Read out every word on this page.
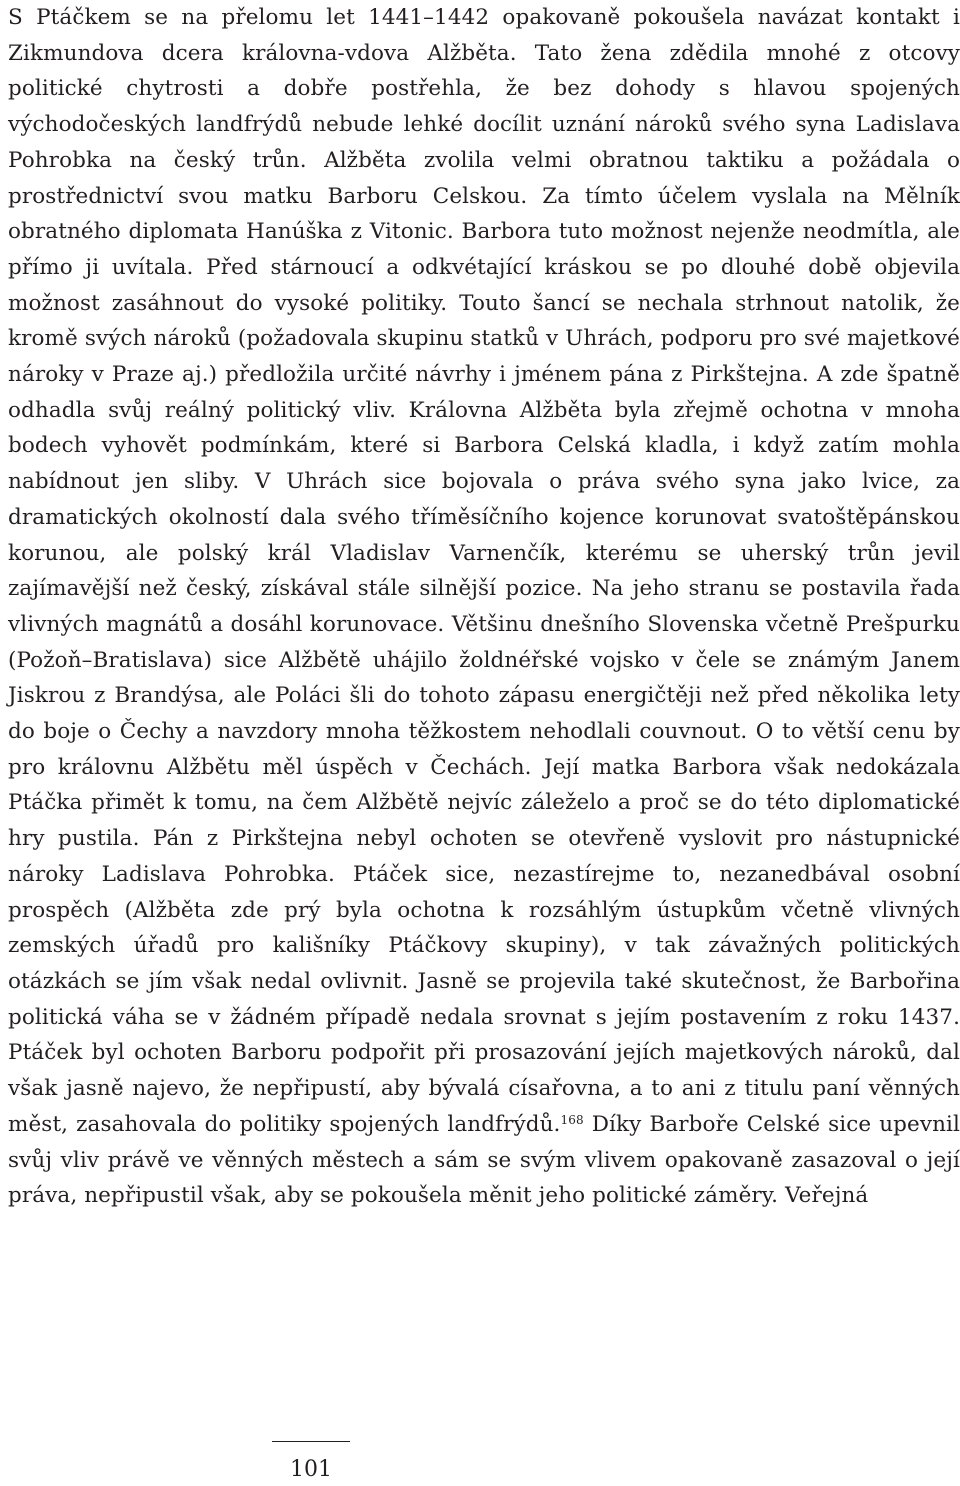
S Ptáčkem se na přelomu let 1441–1442 opakovaně pokoušela navázat kontakt i Zikmundova dcera královna-vdova Alžběta. Tato žena zdědila mnohé z otcovy politické chytrosti a dobře postřehla, že bez dohody s hlavou spojených východočeských landfrýdů nebude lehké docílit uznání nároků svého syna Ladislava Pohrobka na český trůn. Alžběta zvolila velmi obratnou taktiku a požádala o prostřednictví svou matku Barboru Celskou. Za tímto účelem vyslala na Mělník obratného diplomata Hanúška z Vitonic. Barbora tuto možnost nejenže neodmítla, ale přímo ji uvítala. Před stárnoucí a odkvétající kráskou se po dlouhé době objevila možnost zasáhnout do vysoké politiky. Touto šancí se nechala strhnout natolik, že kromě svých nároků (požadovala skupinu statků v Uhrách, podporu pro své majetkové nároky v Praze aj.) předložila určité návrhy i jménem pána z Pirkštejna. A zde špatně odhadla svůj reálný politický vliv. Královna Alžběta byla zřejmě ochotna v mnoha bodech vyhovět podmínkám, které si Barbora Celská kladla, i když zatím mohla nabídnout jen sliby. V Uhrách sice bojovala o práva svého syna jako lvice, za dramatických okolností dala svého tříměsíčního kojence korunovat svatoštěpánskou korunou, ale polský král Vladislav Varnenčík, kterému se uherský trůn jevil zajímavější než český, získával stále silnější pozice. Na jeho stranu se postavila řada vlivných magnátů a dosáhl korunovace. Většinu dnešního Slovenska včetně Prešpurku (Požoň–Bratislava) sice Alžbětě uhájilo žoldnéřské vojsko v čele se známým Janem Jiskrou z Brandýsa, ale Poláci šli do tohoto zápasu energičtěji než před několika lety do boje o Čechy a navzdory mnoha těžkostem nehodlali couvnout. O to větší cenu by pro královnu Alžbětu měl úspěch v Čechách. Její matka Barbora však nedokázala Ptáčka přimět k tomu, na čem Alžbětě nejvíc záleželo a proč se do této diplomatické hry pustila. Pán z Pirkštejna nebyl ochoten se otevřeně vyslovit pro nástupnické nároky Ladislava Pohrobka. Ptáček sice, nezastírejme to, nezanedbával osobní prospěch (Alžběta zde prý byla ochotna k rozsáhlým ústupkům včetně vlivných zemských úřadů pro kališníky Ptáčkovy skupiny), v tak závažných politických otázkách se jím však nedal ovlivnit. Jasně se projevila také skutečnost, že Barbořina politická váha se v žádném případě nedala srovnat s jejím postavením z roku 1437. Ptáček byl ochoten Barboru podpořit při prosazování jejích majetkových nároků, dal však jasně najevo, že nepřipustí, aby bývalá císařovna, a to ani z titulu paní věnných měst, zasahovala do politiky spojených landfrýdů.$^{168}$ Díky Barboře Celské sice upevnil svůj vliv právě ve věnných městech a sám se svým vlivem opakovaně zasazoval o její práva, nepřipustil však, aby se pokoušela měnit jeho politické záměry. Veřejná

101
